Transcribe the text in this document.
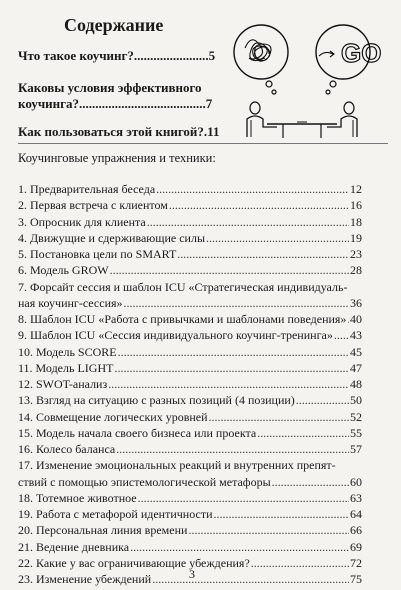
Содержание
Что такое коучинг?.......................5
Каковы условия эффективного
коучинга?.......................................7
Как пользоваться этой книгой?.11
GO
Коучинговые упражнения и техники:
1. Предварительная беседа .....	12
2. Первая встреча с клиентом .....	16
3. Опросник для клиента .....	18
4. Движущие и сдерживающие силы .....	19
5. Постановка цели по SMART .....	23
6. Модель GROW .....	28
7. Форсайт сессия и шаблон ICU «Стратегическая индивидуаль-
ная коучинг-сессия» .....	36
8. Шаблон ICU «Работа с привычками и шаблонами поведения» ..... 40
9. Шаблон ICU «Сессия индивидуального коучинг-тренинга» ..... 43
10. Модель SCORE .....	45
11. Модель LIGHT .....	47
12. SWOT-анализ .....	48
13. Взгляд на ситуацию с разных позиций (4 позиции) .....	50
14. Совмещение логических уровней .....	52
15. Модель начала своего бизнеса или проекта .....	55
16. Колесо баланса .....	57
17. Изменение эмоциональных реакций и внутренних препят-
ствий с помощью эпистемологической метафоры .....	60
18. Тотемное животное .....	63
19. Работа с метафорой идентичности .....	64
20. Персональная линия времени .....	66
21. Ведение дневника .....	69
22. Какие у вас ограничивающие убеждения? .....	72
23. Изменение убеждений .....	75
3
